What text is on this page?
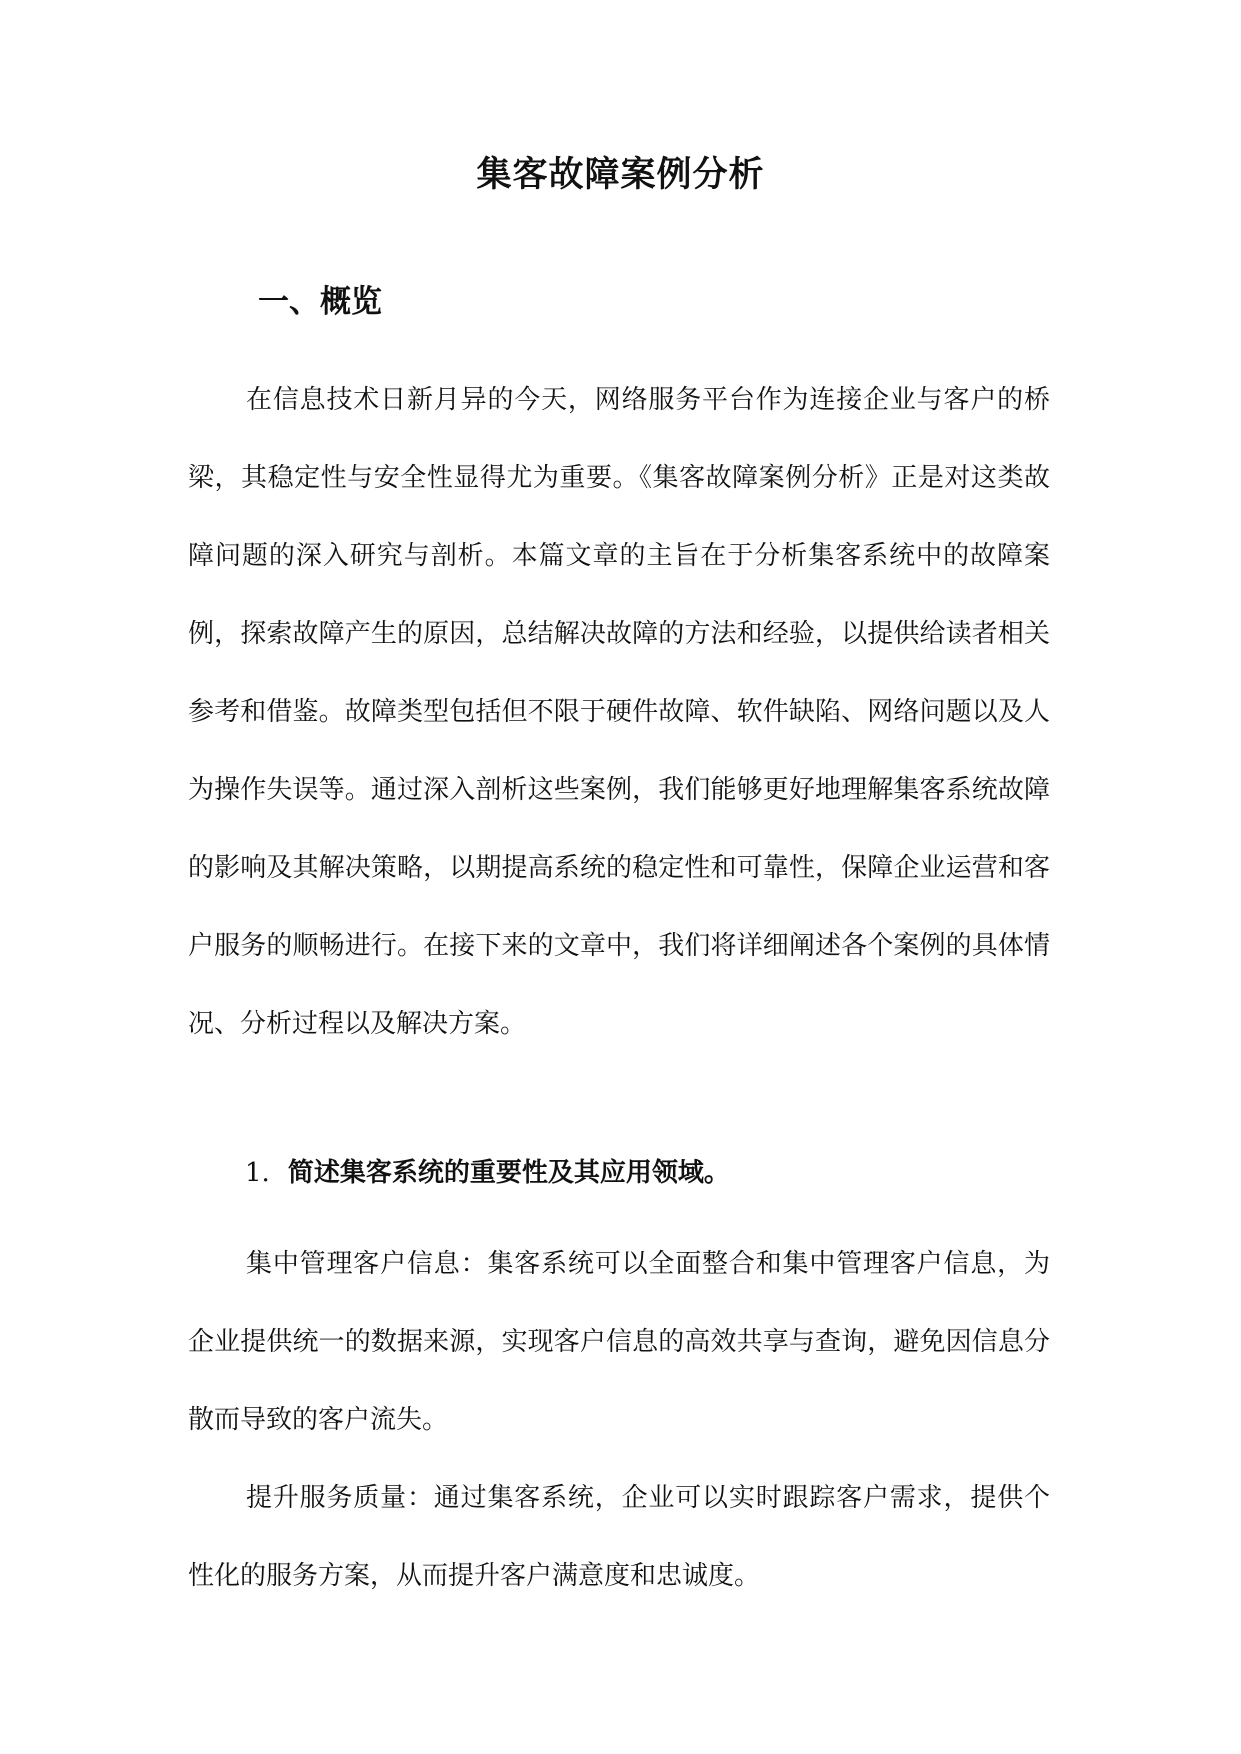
集客故障案例分析
一、概览

在信息技术日新月异的今天，网络服务平台作为连接企业与客户的桥梁，其稳定性与安全性显得尤为重要。《集客故障案例分析》正是对这类故障问题的深入研究与剖析。本篇文章的主旨在于分析集客系统中的故障案例，探索故障产生的原因，总结解决故障的方法和经验，以提供给读者相关参考和借鉴。故障类型包括但不限于硬件故障、软件缺陷、网络问题以及人为操作失误等。通过深入剖析这些案例，我们能够更好地理解集客系统故障的影响及其解决策略，以期提高系统的稳定性和可靠性，保障企业运营和客户服务的顺畅进行。在接下来的文章中，我们将详细阐述各个案例的具体情况、分析过程以及解决方案。

1. 简述集客系统的重要性及其应用领域。

集中管理客户信息：集客系统可以全面整合和集中管理客户信息，为企业提供统一的数据来源，实现客户信息的高效共享与查询，避免因信息分散而导致的客户流失。

提升服务质量：通过集客系统，企业可以实时跟踪客户需求，提供个性化的服务方案，从而提升客户满意度和忠诚度。
